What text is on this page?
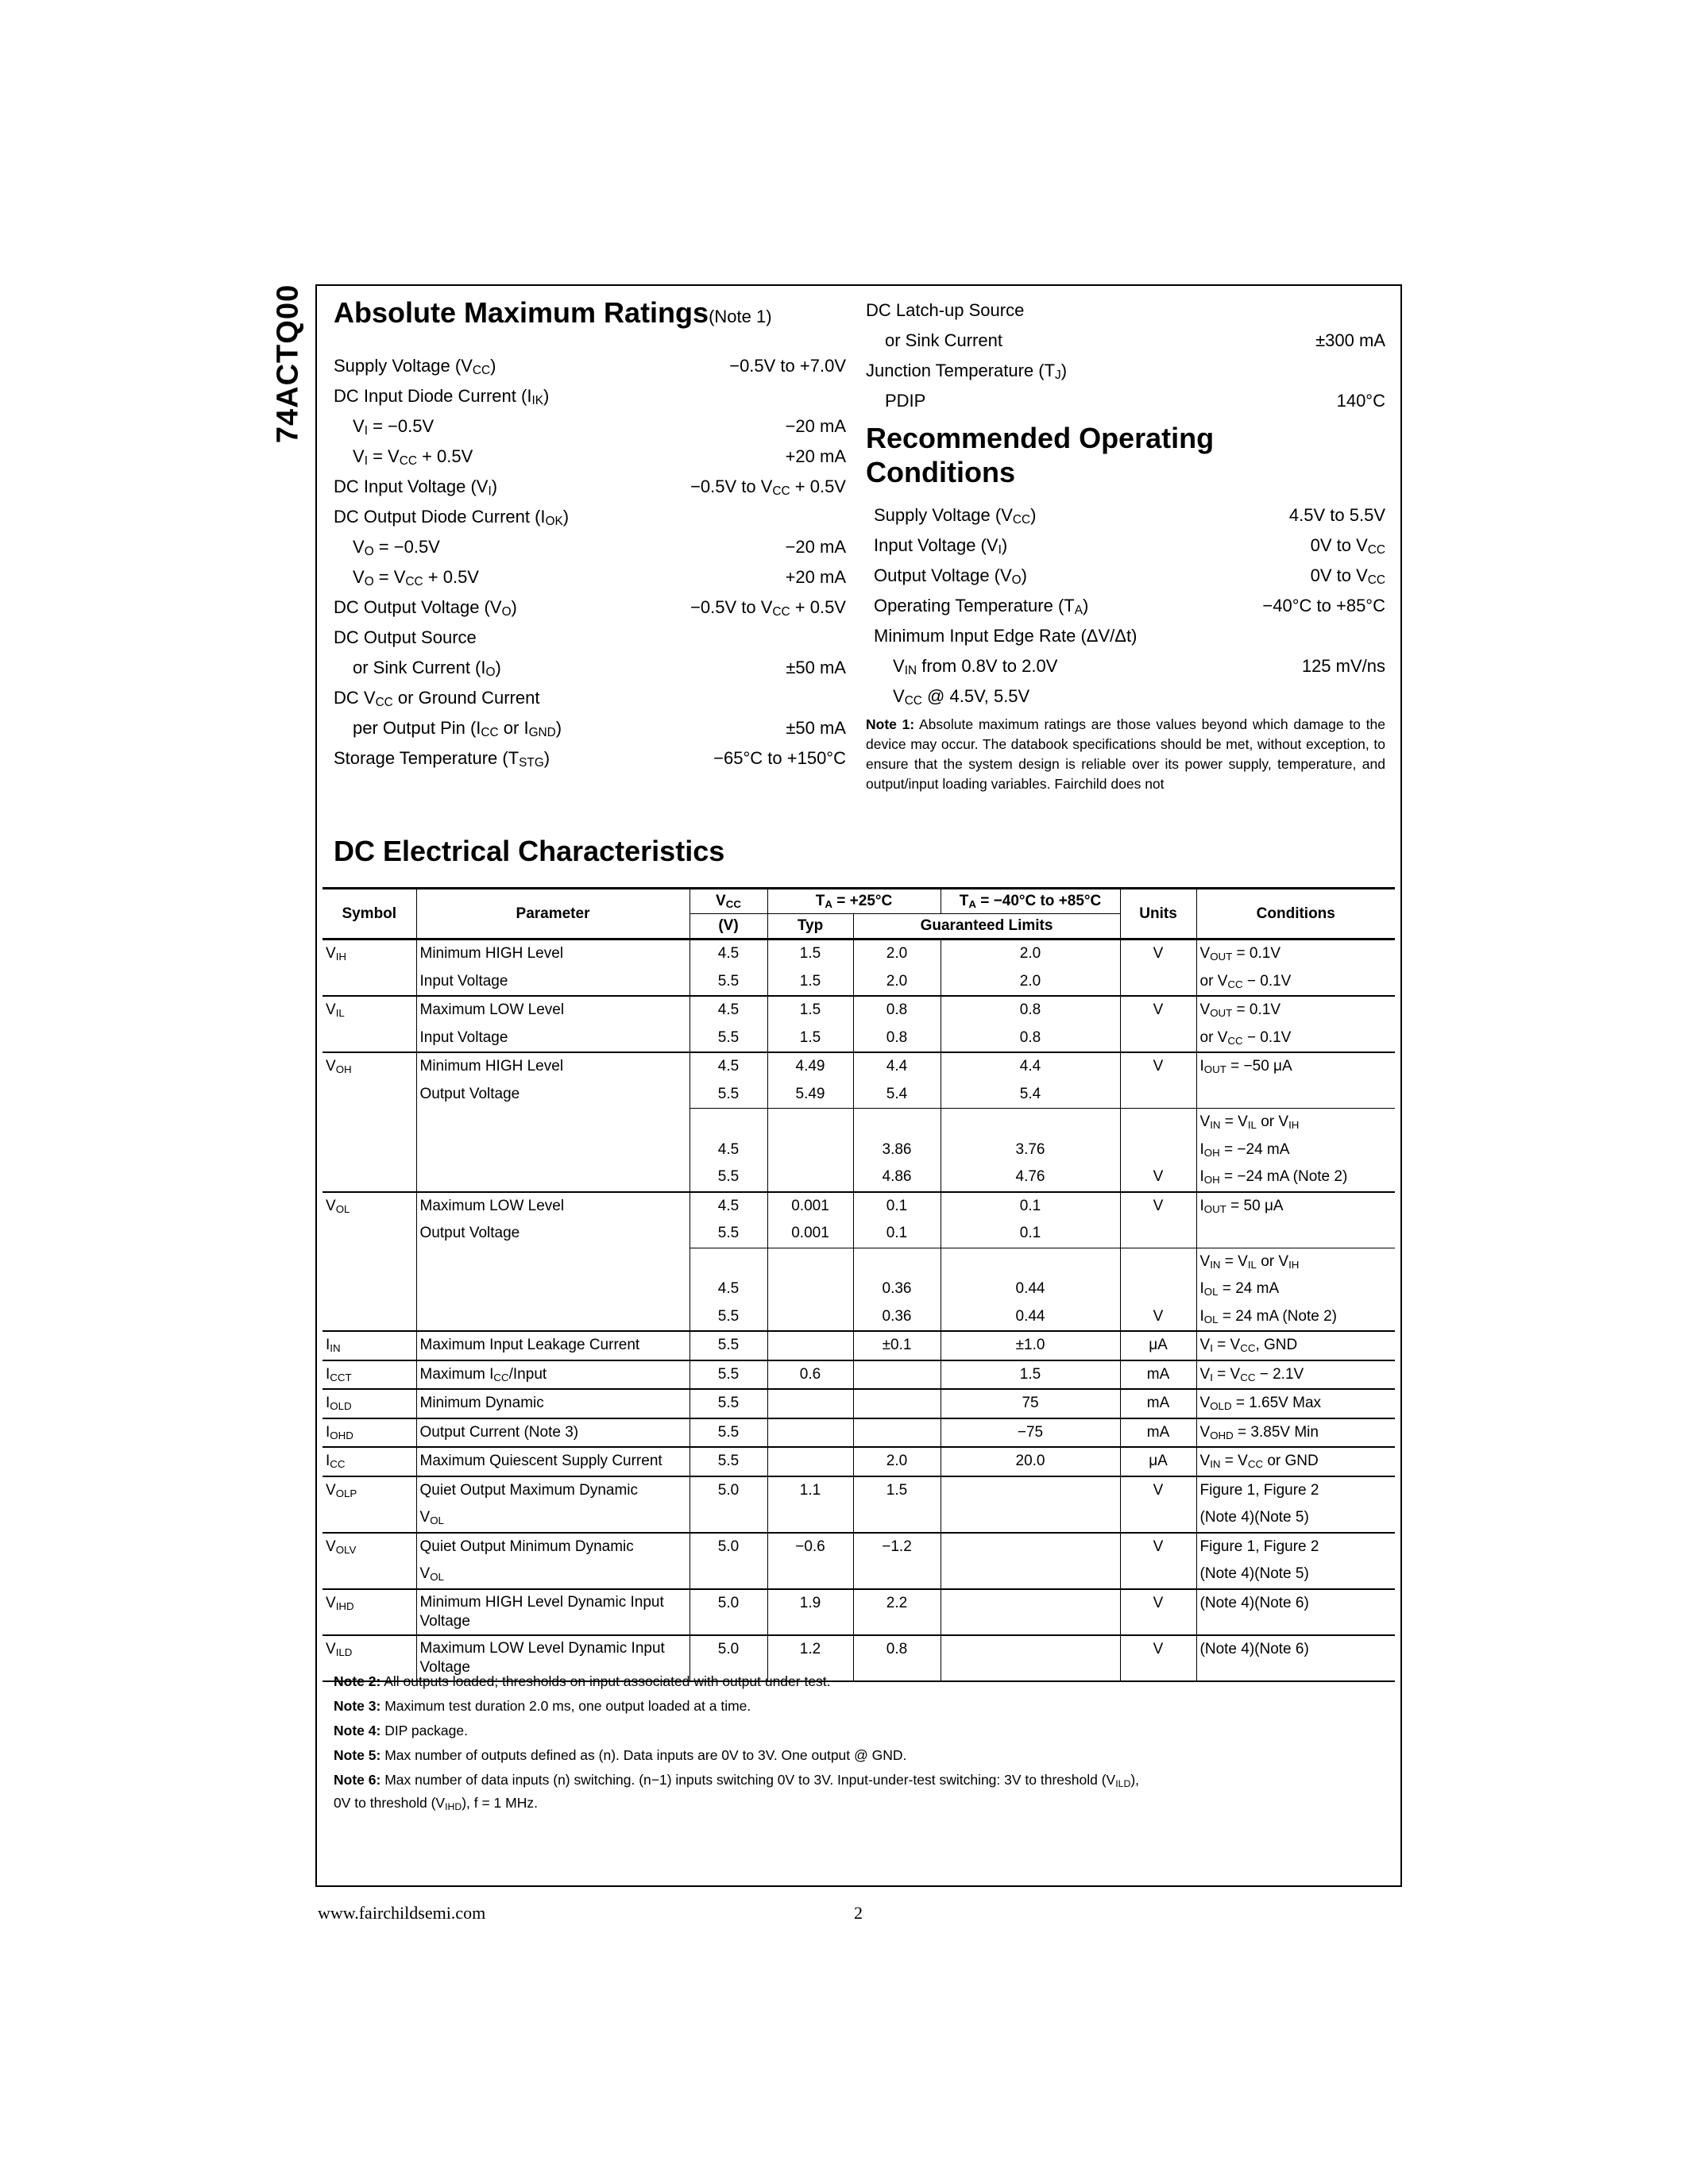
74ACTQ00 Absolute Maximum Ratings(Note 1)
Supply Voltage $(V_{CC})$	−0.5V to +7.0V
DC Input Diode Current $(I_{IK})$
$V_I = -0.5V$	−20 mA
$V_I = V_{CC} + 0.5V$	+20 mA
DC Input Voltage $(V_I)$	−0.5V to $V_{CC} + 0.5V$
DC Output Diode Current $(I_{OK})$
$V_O = -0.5V$	−20 mA
$V_O = V_{CC} + 0.5V$	+20 mA
DC Output Voltage $(V_O)$	−0.5V to $V_{CC} + 0.5V$
DC Output Source
or Sink Current $(I_O)$	±50 mA
DC $V_{CC}$ or Ground Current
per Output Pin ($I_{CC}$ or $I_{GND}$)	±50 mA
Storage Temperature $(T_{STG})$	−65°C to +150°C
DC Latch-up Source
or Sink Current	±300 mA
Junction Temperature $(T_J)$
PDIP	140°C
Recommended Operating
Conditions
Supply Voltage $(V_{CC})$	4.5V to 5.5V
Input Voltage $(V_I)$	0V to $V_{CC}$
Output Voltage $(V_O)$	0V to $V_{CC}$
Operating Temperature $(T_A)$	−40°C to +85°C
Minimum Input Edge Rate (ΔV/Δt)
$V_{IN}$ from 0.8V to 2.0V	125 mV/ns
$V_{CC}$ @ 4.5V, 5.5V
Note 1: Absolute maximum ratings are those values beyond which damage to the device may occur. The databook specifications should be met, without exception, to ensure that the system design is reliable over its power supply, temperature, and output/input loading variables. Fairchild does not
DC Electrical Characteristics
Symbol	Parameter	$V_{CC}$	$T_A = +25^\circ C$		$T_A = -40^\circ C$ to +85°C	Units	Conditions
		(V)	Typ	Guaranteed Limits			
$V_{IH}$	Minimum HIGH Level	4.5	1.5	2.0	2.0	V	$V_{OUT} = 0.1V$
	Input Voltage	5.5	1.5	2.0	2.0		or $V_{CC} - 0.1V$
$V_{IL}$	Maximum LOW Level	4.5	1.5	0.8	0.8	V	$V_{OUT} = 0.1V$
	Input Voltage	5.5	1.5	0.8	0.8		or $V_{CC} - 0.1V$
$V_{OH}$	Minimum HIGH Level	4.5	4.49	4.4	4.4	V	$I_{OUT} = -50$ μA
	Output Voltage	5.5	5.49	5.4	5.4		
							$V_{IN} = V_{IL}$ or $V_{IH}$
		4.5		3.86	3.76		$I_{OH} = -24$ mA
		5.5		4.86	4.76	V	$I_{OH} = -24$ mA (Note 2)
$V_{OL}$	Maximum LOW Level	4.5	0.001	0.1	0.1	V	$I_{OUT} = 50$ μA
	Output Voltage	5.5	0.001	0.1	0.1		
							$V_{IN} = V_{IL}$ or $V_{IH}$
		4.5		0.36	0.44		$I_{OL} = 24$ mA
		5.5		0.36	0.44	V	$I_{OL} = 24$ mA (Note 2)
$I_{IN}$	Maximum Input Leakage Current	5.5		±0.1	±1.0	μA	$V_I = V_{CC}$, GND
$I_{CCT}$	Maximum $I_{CC}$/Input	5.5	0.6		1.5	mA	$V_I = V_{CC} - 2.1V$
$I_{OLD}$	Minimum Dynamic	5.5			75	mA	$V_{OLD} = 1.65V$ Max
$I_{OHD}$	Output Current (Note 3)	5.5			−75	mA	$V_{OHD} = 3.85V$ Min
$I_{CC}$	Maximum Quiescent Supply Current	5.5		2.0	20.0	μA	$V_{IN} = V_{CC}$ or GND
$V_{OLP}$	Quiet Output Maximum Dynamic	5.0	1.1	1.5		V	Figure 1, Figure 2
	$V_{OL}$						(Note 4)(Note 5)
$V_{OLV}$	Quiet Output Minimum Dynamic	5.0	−0.6	−1.2		V	Figure 1, Figure 2
	$V_{OL}$						(Note 4)(Note 5)
$V_{IHD}$	Minimum HIGH Level Dynamic Input Voltage	5.0	1.9	2.2		V	(Note 4)(Note 6)
$V_{ILD}$	Maximum LOW Level Dynamic Input Voltage	5.0	1.2	0.8		V	(Note 4)(Note 6)
Note 2: All outputs loaded; thresholds on input associated with output under test.
Note 3: Maximum test duration 2.0 ms, one output loaded at a time.
Note 4: DIP package.
Note 5: Max number of outputs defined as (n). Data inputs are 0V to 3V. One output @ GND.
Note 6: Max number of data inputs (n) switching. (n−1) inputs switching 0V to 3V. Input-under-test switching: 3V to threshold $(V_{ILD})$,
0V to threshold $(V_{IHD})$, f = 1 MHz.
www.fairchildsemi.com	2
